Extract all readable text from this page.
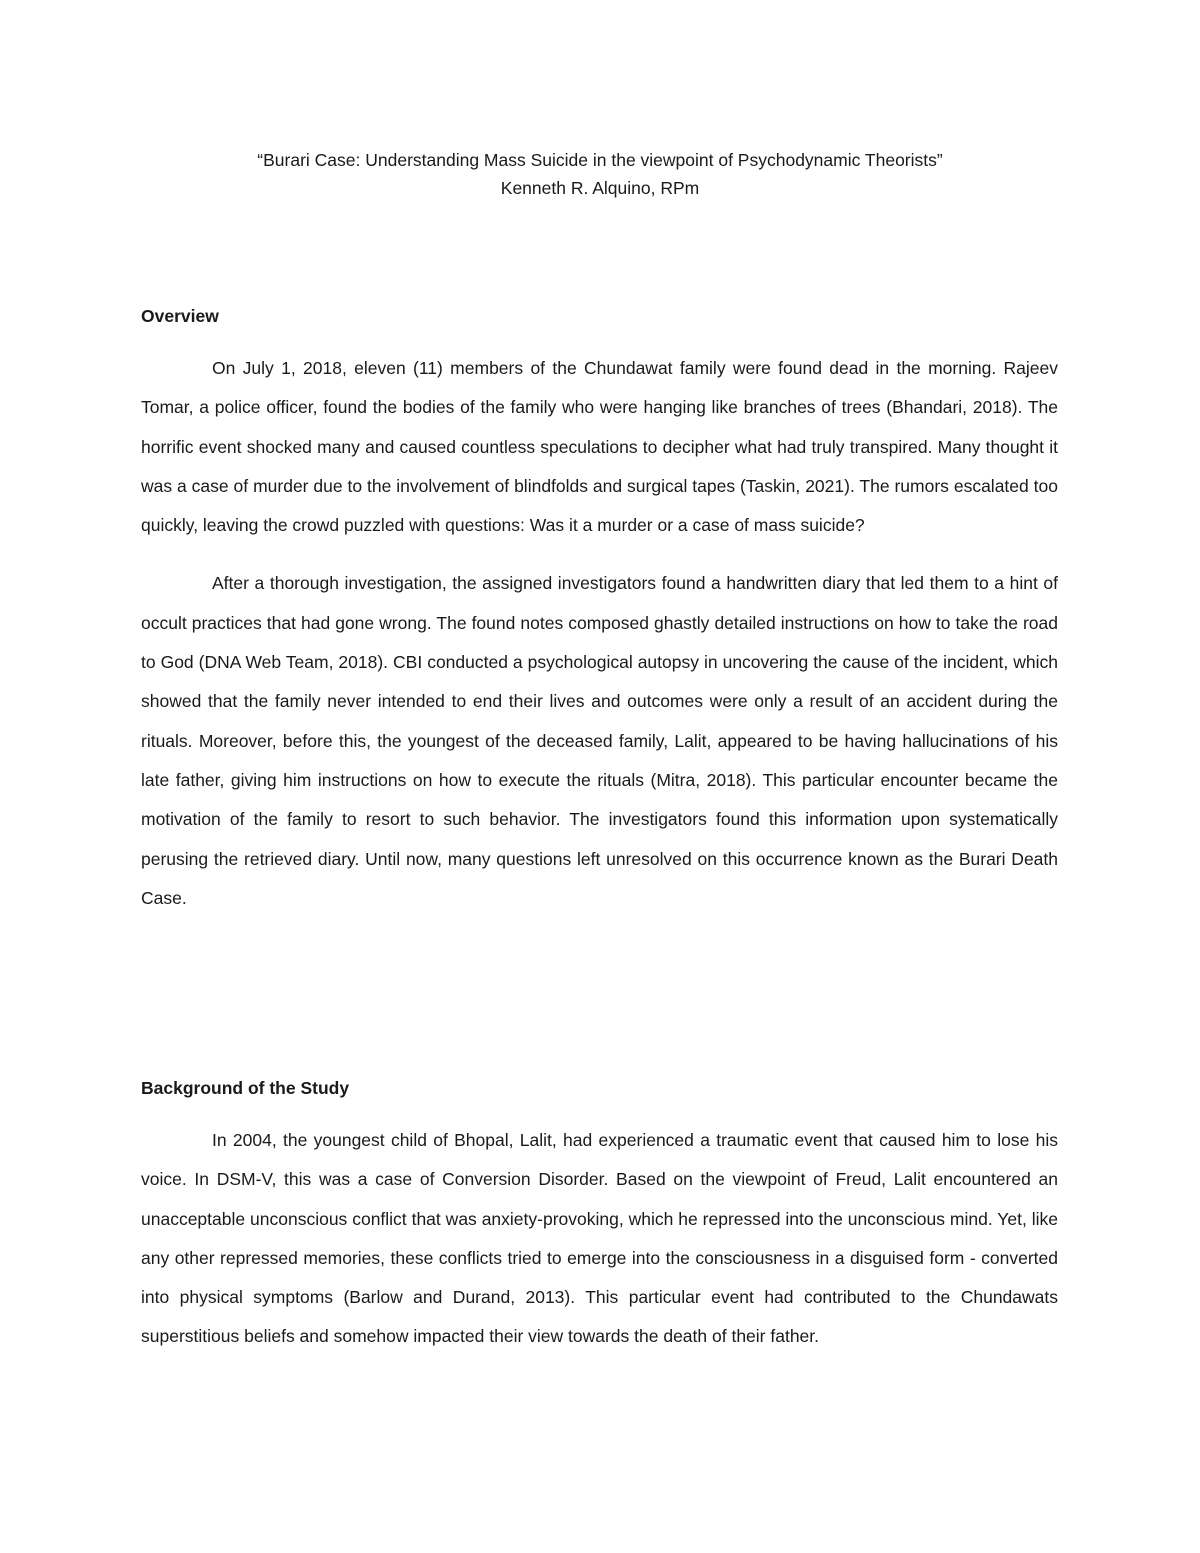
“Burari Case: Understanding Mass Suicide in the viewpoint of Psychodynamic Theorists”
Kenneth R. Alquino, RPm
Overview

On July 1, 2018, eleven (11) members of the Chundawat family were found dead in the morning. Rajeev Tomar, a police officer, found the bodies of the family who were hanging like branches of trees (Bhandari, 2018). The horrific event shocked many and caused countless speculations to decipher what had truly transpired. Many thought it was a case of murder due to the involvement of blindfolds and surgical tapes (Taskin, 2021). The rumors escalated too quickly, leaving the crowd puzzled with questions: Was it a murder or a case of mass suicide?

After a thorough investigation, the assigned investigators found a handwritten diary that led them to a hint of occult practices that had gone wrong. The found notes composed ghastly detailed instructions on how to take the road to God (DNA Web Team, 2018). CBI conducted a psychological autopsy in uncovering the cause of the incident, which showed that the family never intended to end their lives and outcomes were only a result of an accident during the rituals. Moreover, before this, the youngest of the deceased family, Lalit, appeared to be having hallucinations of his late father, giving him instructions on how to execute the rituals (Mitra, 2018). This particular encounter became the motivation of the family to resort to such behavior. The investigators found this information upon systematically perusing the retrieved diary. Until now, many questions left unresolved on this occurrence known as the Burari Death Case.

Background of the Study

In 2004, the youngest child of Bhopal, Lalit, had experienced a traumatic event that caused him to lose his voice. In DSM-V, this was a case of Conversion Disorder. Based on the viewpoint of Freud, Lalit encountered an unacceptable unconscious conflict that was anxiety-provoking, which he repressed into the unconscious mind. Yet, like any other repressed memories, these conflicts tried to emerge into the consciousness in a disguised form - converted into physical symptoms (Barlow and Durand, 2013). This particular event had contributed to the Chundawats superstitious beliefs and somehow impacted their view towards the death of their father.
